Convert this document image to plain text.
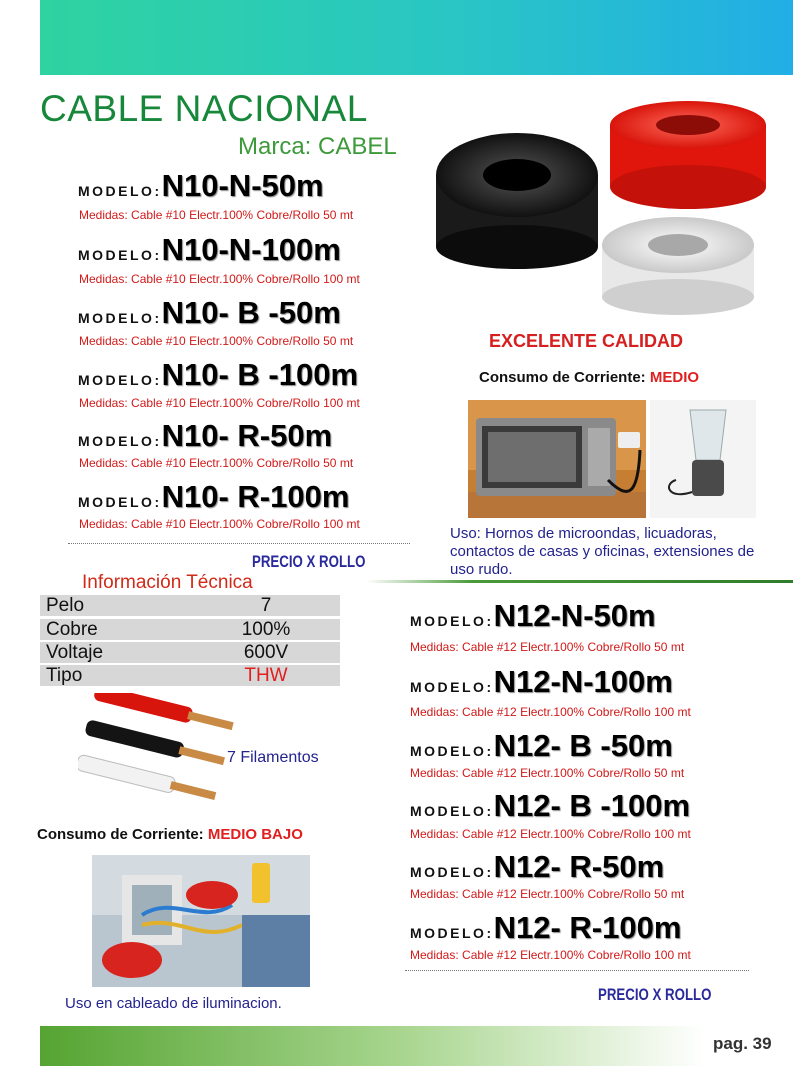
CABLE NACIONAL
Marca: CABEL
MODELO:N10-N-50m
Medidas: Cable #10 Electr.100% Cobre/Rollo 50 mt
MODELO:N10-N-100m
Medidas: Cable #10 Electr.100% Cobre/Rollo 100 mt
MODELO:N10- B -50m
Medidas: Cable #10 Electr.100% Cobre/Rollo 50 mt
MODELO:N10- B -100m
Medidas: Cable #10 Electr.100% Cobre/Rollo 100 mt
MODELO:N10- R-50m
Medidas: Cable #10 Electr.100% Cobre/Rollo 50 mt
MODELO:N10- R-100m
Medidas: Cable #10 Electr.100% Cobre/Rollo 100 mt
PRECIO X ROLLO
EXCELENTE CALIDAD
Consumo de Corriente: MEDIO
Uso: Hornos de microondas, licuadoras, contactos de casas y oficinas, extensiones de uso rudo.
Información Técnica
Pelo	7
Cobre	100%
Voltaje	600V
Tipo	THW
7 Filamentos
Consumo de Corriente: MEDIO BAJO
Uso en cableado de iluminacion.
MODELO:N12-N-50m
Medidas: Cable #12 Electr.100% Cobre/Rollo 50 mt
MODELO:N12-N-100m
Medidas: Cable #12 Electr.100% Cobre/Rollo 100 mt
MODELO:N12- B -50m
Medidas: Cable #12 Electr.100% Cobre/Rollo 50 mt
MODELO:N12- B -100m
Medidas: Cable #12 Electr.100% Cobre/Rollo 100 mt
MODELO:N12- R-50m
Medidas: Cable #12 Electr.100% Cobre/Rollo 50 mt
MODELO:N12- R-100m
Medidas: Cable #12 Electr.100% Cobre/Rollo 100 mt
PRECIO X ROLLO
pag. 39
